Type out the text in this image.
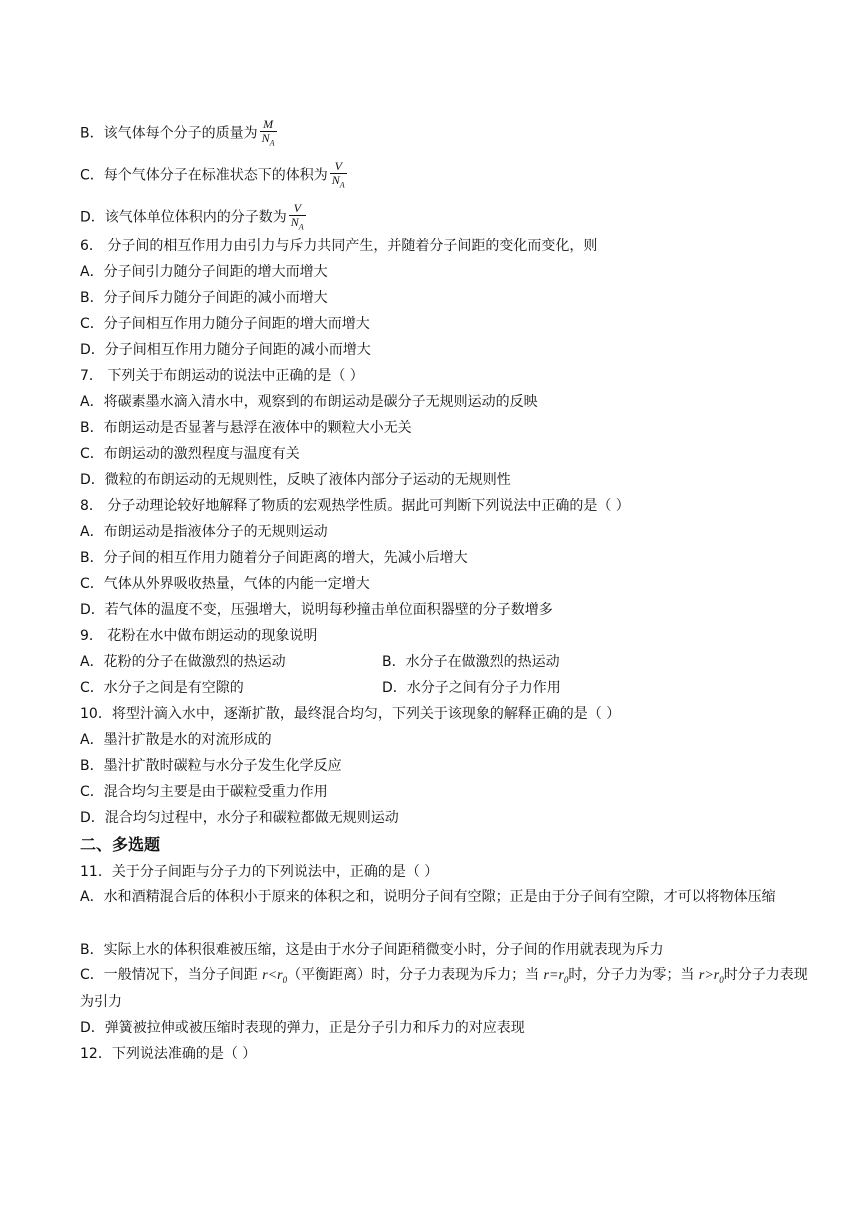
B．该气体每个分子的质量为 $\frac{M}{N_A}$
C．每个气体分子在标准状态下的体积为 $\frac{V}{N_A}$
D．该气体单位体积内的分子数为 $\frac{V}{N_A}$
6． 分子间的相互作用力由引力与斥力共同产生，并随着分子间距的变化而变化，则
A．分子间引力随分子间距的增大而增大
B．分子间斥力随分子间距的减小而增大
C．分子间相互作用力随分子间距的增大而增大
D．分子间相互作用力随分子间距的减小而增大
7． 下列关于布朗运动的说法中正确的是（ ）
A．将碳素墨水滴入清水中，观察到的布朗运动是碳分子无规则运动的反映
B．布朗运动是否显著与悬浮在液体中的颗粒大小无关
C．布朗运动的激烈程度与温度有关
D．微粒的布朗运动的无规则性，反映了液体内部分子运动的无规则性
8． 分子动理论较好地解释了物质的宏观热学性质。据此可判断下列说法中正确的是（ ）
A．布朗运动是指液体分子的无规则运动
B．分子间的相互作用力随着分子间距离的增大，先减小后增大
C．气体从外界吸收热量，气体的内能一定增大
D．若气体的温度不变，压强增大，说明每秒撞击单位面积器壁的分子数增多
9． 花粉在水中做布朗运动的现象说明
A．花粉的分子在做激烈的热运动	B．水分子在做激烈的热运动
C．水分子之间是有空隙的	D．水分子之间有分子力作用
10．将型汁滴入水中，逐渐扩散，最终混合均匀，下列关于该现象的解释正确的是（ ）
A．墨汁扩散是水的对流形成的
B．墨汁扩散时碳粒与水分子发生化学反应
C．混合均匀主要是由于碳粒受重力作用
D．混合均匀过程中，水分子和碳粒都做无规则运动
二、多选题
11．关于分子间距与分子力的下列说法中，正确的是（ ）
A．水和酒精混合后的体积小于原来的体积之和，说明分子间有空隙；正是由于分子间有空隙，才可以将物体压缩
B．实际上水的体积很难被压缩，这是由于水分子间距稍微变小时，分子间的作用就表现为斥力
C．一般情况下，当分子间距 $r<r_0$（平衡距离）时，分子力表现为斥力；当 $r=r_0$时，分子力为零；当 $r>r_0$时分子力表现为引力
D．弹簧被拉伸或被压缩时表现的弹力，正是分子引力和斥力的对应表现
12．下列说法准确的是（ ）
